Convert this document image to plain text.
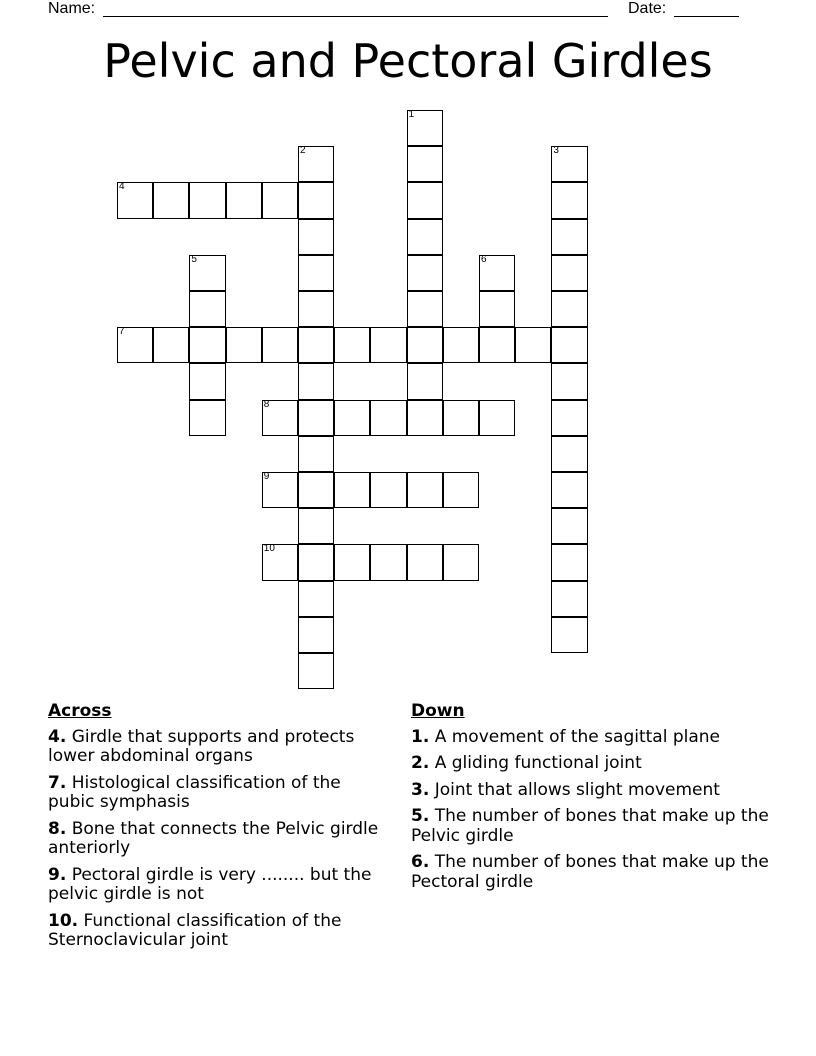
Name:	Date:
Pelvic and Pectoral Girdles
1
2	3
4
5	6
7
8
9
10
Across
4. Girdle that supports and protects lower abdominal organs
7. Histological classification of the pubic symphasis
8. Bone that connects the Pelvic girdle anteriorly
9. Pectoral girdle is very ........ but the pelvic girdle is not
10. Functional classification of the Sternoclavicular joint
Down
1. A movement of the sagittal plane
2. A gliding functional joint
3. Joint that allows slight movement
5. The number of bones that make up the Pelvic girdle
6. The number of bones that make up the Pectoral girdle
